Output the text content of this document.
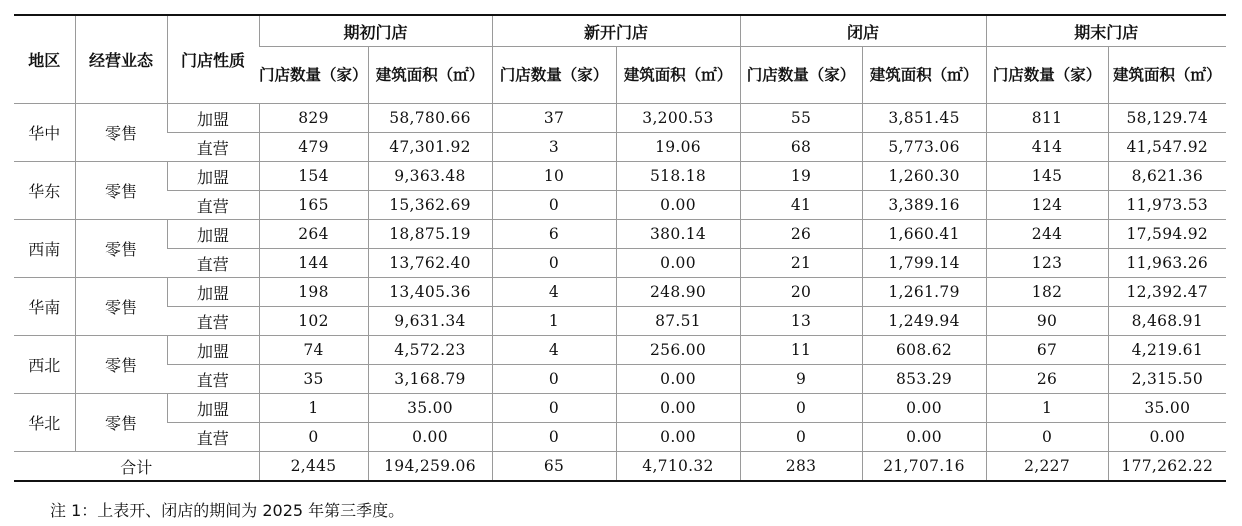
地区	经营业态	门店性质	期初门店		新开门店		闭店		期末门店	
			门店数量（家）	建筑面积（㎡）	门店数量（家）	建筑面积（㎡）	门店数量（家）	建筑面积（㎡）	门店数量（家）	建筑面积（㎡）
华中	零售	加盟	829	58,780.66	37	3,200.53	55	3,851.45	811	58,129.74
		直营	479	47,301.92	3	19.06	68	5,773.06	414	41,547.92
华东	零售	加盟	154	9,363.48	10	518.18	19	1,260.30	145	8,621.36
		直营	165	15,362.69	0	0.00	41	3,389.16	124	11,973.53
西南	零售	加盟	264	18,875.19	6	380.14	26	1,660.41	244	17,594.92
		直营	144	13,762.40	0	0.00	21	1,799.14	123	11,963.26
华南	零售	加盟	198	13,405.36	4	248.90	20	1,261.79	182	12,392.47
		直营	102	9,631.34	1	87.51	13	1,249.94	90	8,468.91
西北	零售	加盟	74	4,572.23	4	256.00	11	608.62	67	4,219.61
		直营	35	3,168.79	0	0.00	9	853.29	26	2,315.50
华北	零售	加盟	1	35.00	0	0.00	0	0.00	1	35.00
		直营	0	0.00	0	0.00	0	0.00	0	0.00
合计			2,445	194,259.06	65	4,710.32	283	21,707.16	2,227	177,262.22
注 1：上表开、闭店的期间为 2025 年第三季度。
